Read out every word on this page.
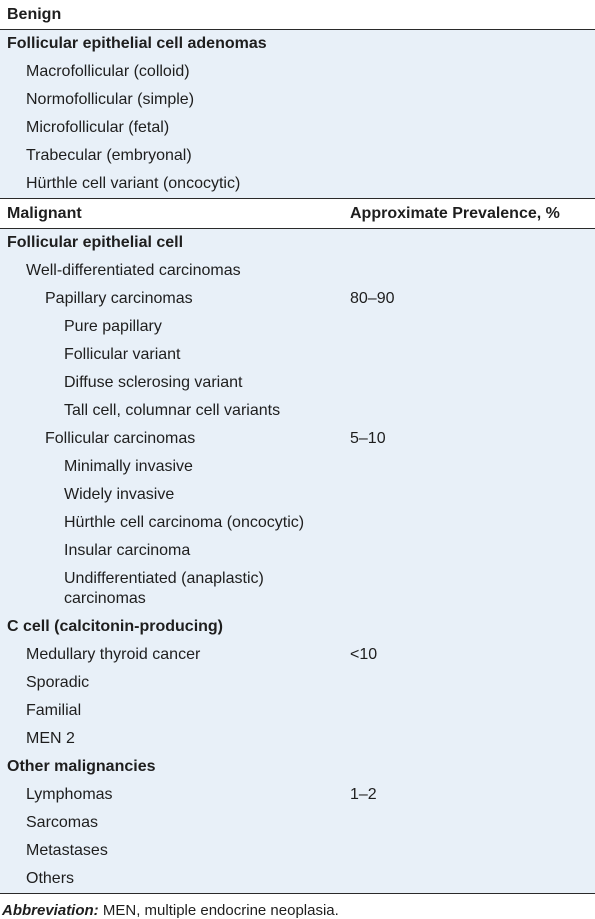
Benign
Follicular epithelial cell adenomas
Macrofollicular (colloid)
Normofollicular (simple)
Microfollicular (fetal)
Trabecular (embryonal)
Hürthle cell variant (oncocytic)
Malignant	Approximate Prevalence, %
Follicular epithelial cell
Well-differentiated carcinomas
Papillary carcinomas	80–90
Pure papillary
Follicular variant
Diffuse sclerosing variant
Tall cell, columnar cell variants
Follicular carcinomas	5–10
Minimally invasive
Widely invasive
Hürthle cell carcinoma (oncocytic)
Insular carcinoma
Undifferentiated (anaplastic) carcinomas
C cell (calcitonin-producing)
Medullary thyroid cancer	<10
Sporadic
Familial
MEN 2
Other malignancies
Lymphomas	1–2
Sarcomas
Metastases
Others
Abbreviation: MEN, multiple endocrine neoplasia.
